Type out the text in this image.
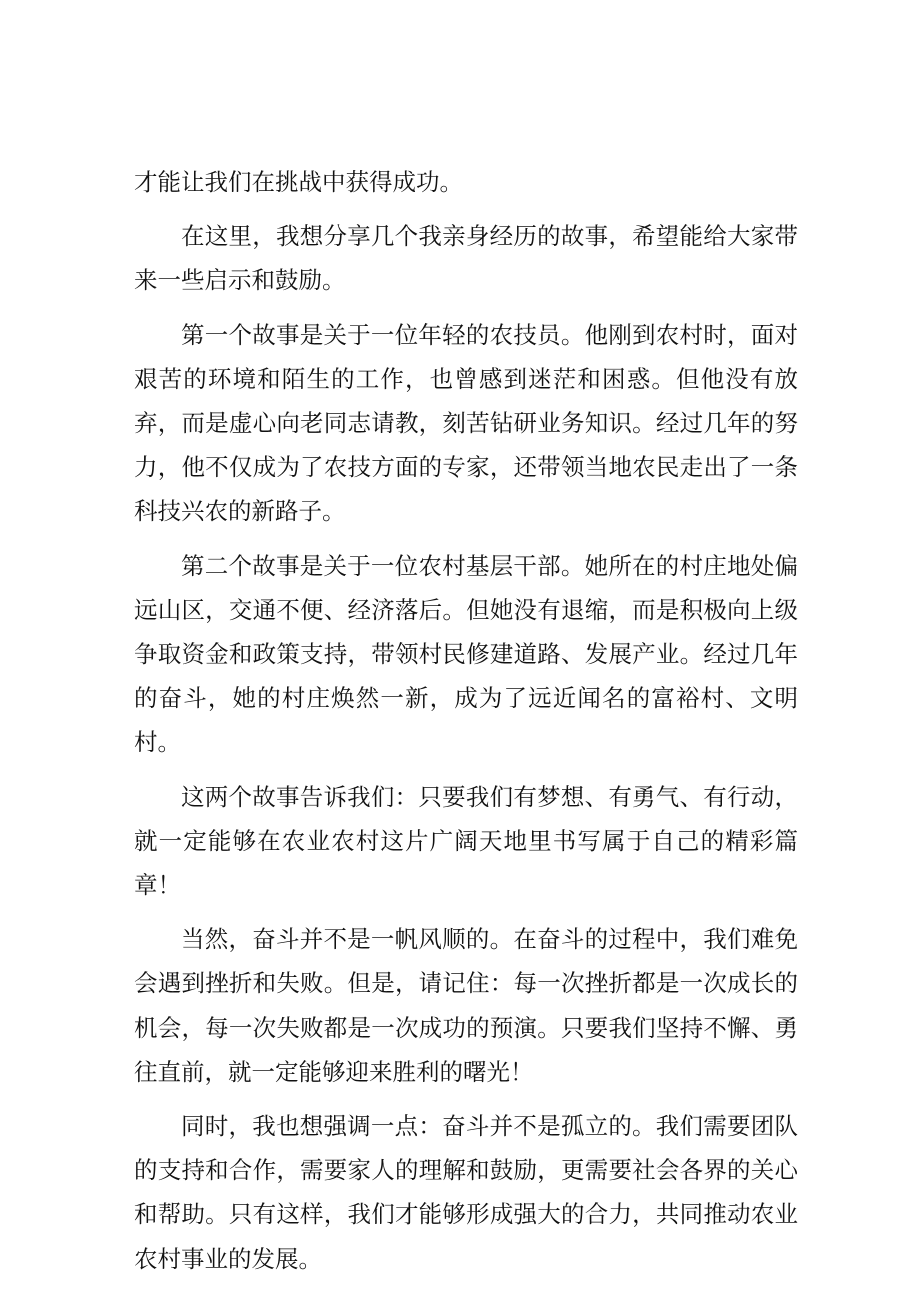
才能让我们在挑战中获得成功。

在这里，我想分享几个我亲身经历的故事，希望能给大家带来一些启示和鼓励。

第一个故事是关于一位年轻的农技员。他刚到农村时，面对艰苦的环境和陌生的工作，也曾感到迷茫和困惑。但他没有放弃，而是虚心向老同志请教，刻苦钻研业务知识。经过几年的努力，他不仅成为了农技方面的专家，还带领当地农民走出了一条科技兴农的新路子。

第二个故事是关于一位农村基层干部。她所在的村庄地处偏远山区，交通不便、经济落后。但她没有退缩，而是积极向上级争取资金和政策支持，带领村民修建道路、发展产业。经过几年的奋斗，她的村庄焕然一新，成为了远近闻名的富裕村、文明村。

这两个故事告诉我们：只要我们有梦想、有勇气、有行动，就一定能够在农业农村这片广阔天地里书写属于自己的精彩篇章！

当然，奋斗并不是一帆风顺的。在奋斗的过程中，我们难免会遇到挫折和失败。但是，请记住：每一次挫折都是一次成长的机会，每一次失败都是一次成功的预演。只要我们坚持不懈、勇往直前，就一定能够迎来胜利的曙光！

同时，我也想强调一点：奋斗并不是孤立的。我们需要团队的支持和合作，需要家人的理解和鼓励，更需要社会各界的关心和帮助。只有这样，我们才能够形成强大的合力，共同推动农业农村事业的发展。
